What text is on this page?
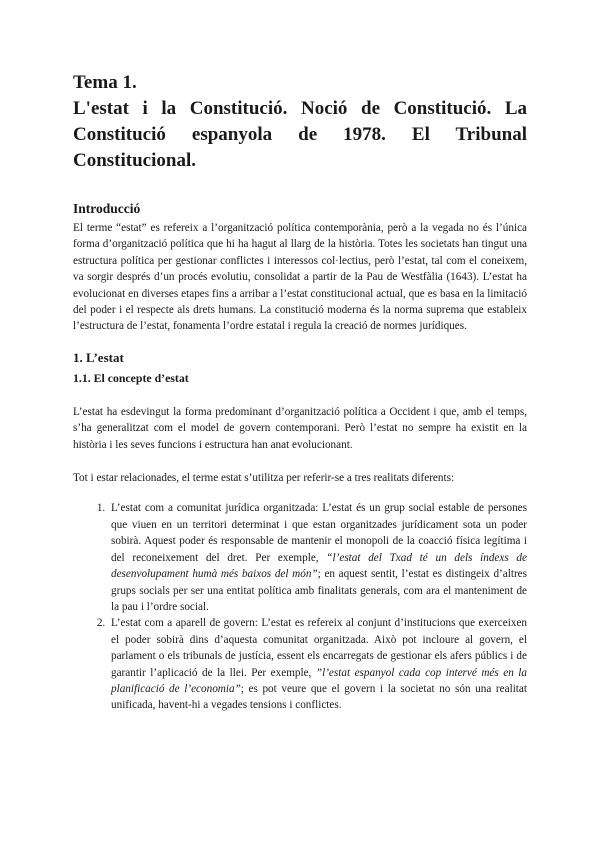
Tema 1.
L'estat i la Constitució. Noció de Constitució. La Constitució espanyola de 1978. El Tribunal Constitucional.
Introducció

El terme “estat” es refereix a l’organització política contemporània, però a la vegada no és l’única forma d’organització política que hi ha hagut al llarg de la història. Totes les societats han tingut una estructura política per gestionar conflictes i interessos col·lectius, però l’estat, tal com el coneixem, va sorgir després d’un procés evolutiu, consolidat a partir de la Pau de Westfàlia (1643). L’estat ha evolucionat en diverses etapes fins a arribar a l’estat constitucional actual, que es basa en la limitació del poder i el respecte als drets humans. La constitució moderna és la norma suprema que estableix l’estructura de l’estat, fonamenta l’ordre estatal i regula la creació de normes jurídiques.

1. L’estat
1.1. El concepte d’estat

L’estat ha esdevingut la forma predominant d’organització política a Occident i que, amb el temps, s’ha generalitzat com el model de govern contemporani. Però l’estat no sempre ha existit en la història i les seves funcions i estructura han anat evolucionant.

Tot i estar relacionades, el terme estat s’utilitza per referir-se a tres realitats diferents:

1. L’estat com a comunitat jurídica organitzada: L’estat és un grup social estable de persones que viuen en un territori determinat i que estan organitzades jurídicament sota un poder sobirà. Aquest poder és responsable de mantenir el monopoli de la coacció física legítima i del reconeixement del dret. Per exemple, “l’estat del Txad té un dels índexs de desenvolupament humà més baixos del món”; en aquest sentit, l’estat es distingeix d’altres grups socials per ser una entitat política amb finalitats generals, com ara el manteniment de la pau i l’ordre social.
2. L’estat com a aparell de govern: L’estat es refereix al conjunt d’institucions que exerceixen el poder sobirà dins d’aquesta comunitat organitzada. Això pot incloure al govern, el parlament o els tribunals de justícia, essent els encarregats de gestionar els afers públics i de garantir l’aplicació de la llei. Per exemple, ”l’estat espanyol cada cop intervé més en la planificació de l’economia”; es pot veure que el govern i la societat no són una realitat unificada, havent-hi a vegades tensions i conflictes.
